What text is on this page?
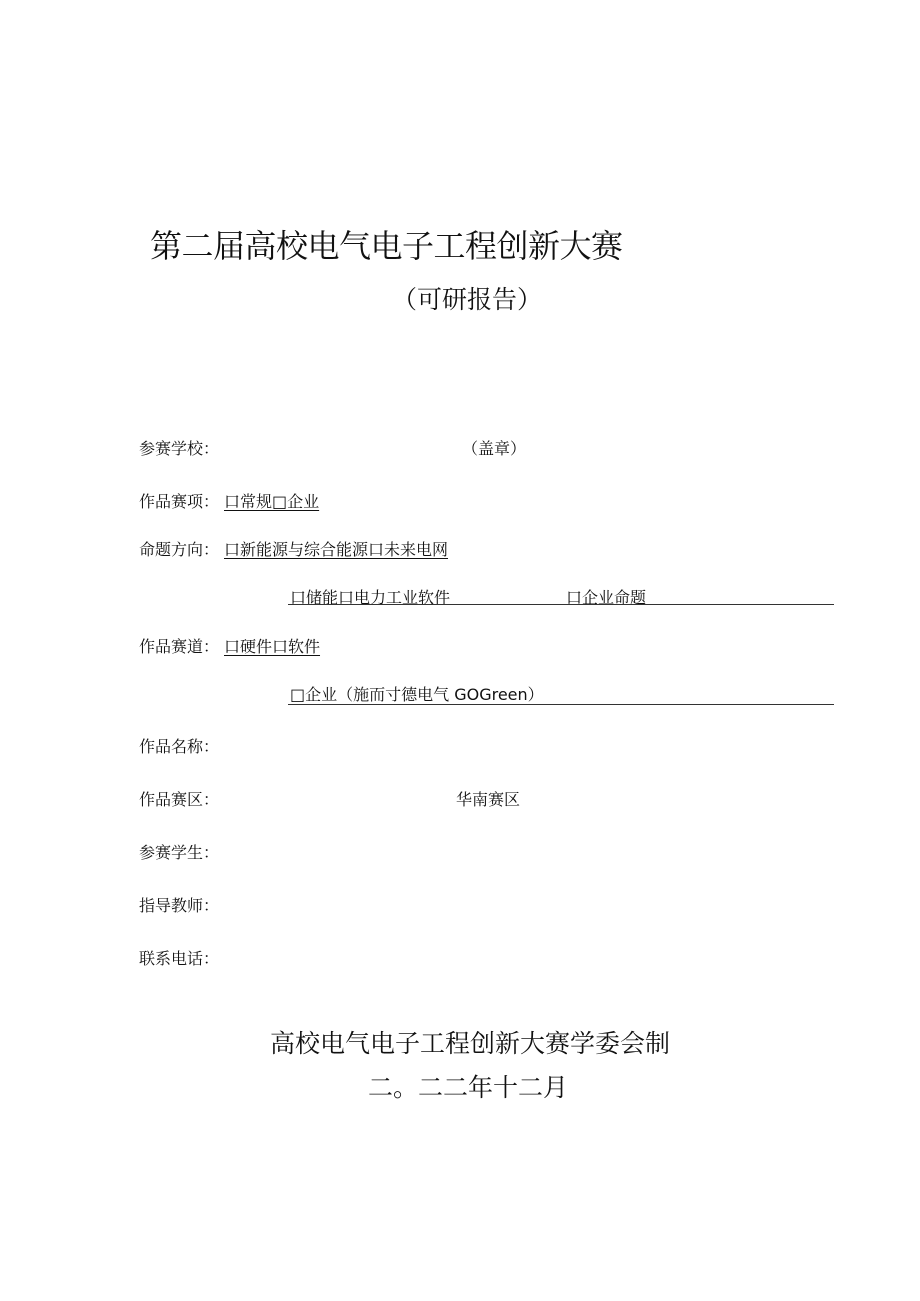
第二届高校电气电子工程创新大赛
（可研报告）
参赛学校：	（盖章）
作品赛项： 口常规□企业
命题方向： 口新能源与综合能源口未来电网
口储能口电力工业软件	口企业命题
作品赛道： 口硬件口软件
□企业（施而寸德电气 GOGreen）
作品名称：
作品赛区：	华南赛区
参赛学生：
指导教师：
联系电话：
高校电气电子工程创新大赛学委会制
二。二二年十二月
